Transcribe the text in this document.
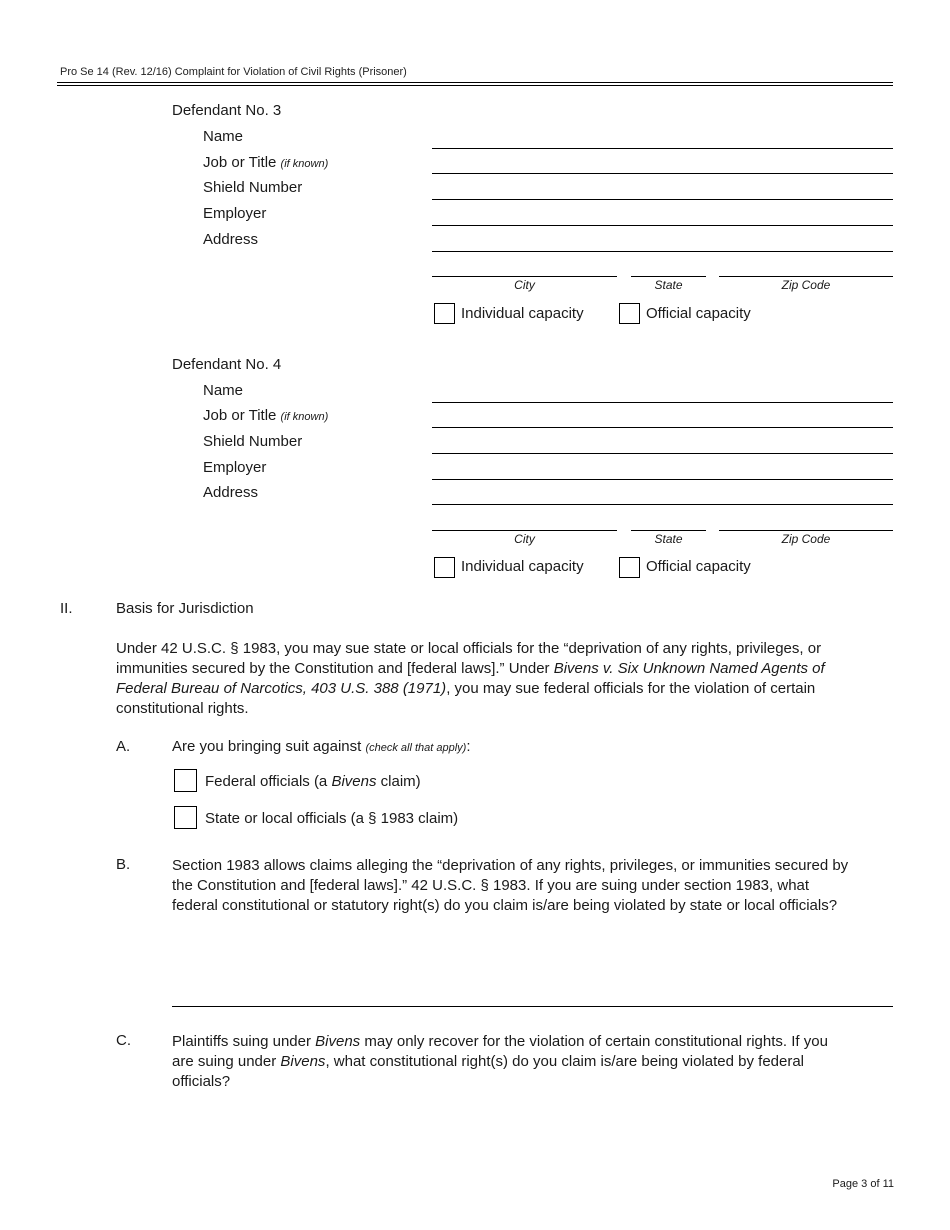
Pro Se 14 (Rev. 12/16) Complaint for Violation of Civil Rights (Prisoner)
Defendant No. 3
Name
Job or Title (if known)
Shield Number
Employer
Address
City	State	Zip Code
Individual capacity	Official capacity
Defendant No. 4
Name
Job or Title (if known)
Shield Number
Employer
Address
City	State	Zip Code
Individual capacity	Official capacity
II.	Basis for Jurisdiction
Under 42 U.S.C. § 1983, you may sue state or local officials for the “deprivation of any rights, privileges, or
immunities secured by the Constitution and [federal laws].” Under Bivens v. Six Unknown Named Agents of
Federal Bureau of Narcotics, 403 U.S. 388 (1971), you may sue federal officials for the violation of certain
constitutional rights.
A.	Are you bringing suit against (check all that apply):
Federal officials (a Bivens claim)
State or local officials (a § 1983 claim)
B.	Section 1983 allows claims alleging the “deprivation of any rights, privileges, or immunities secured by
the Constitution and [federal laws].” 42 U.S.C. § 1983. If you are suing under section 1983, what
federal constitutional or statutory right(s) do you claim is/are being violated by state or local officials?
C.	Plaintiffs suing under Bivens may only recover for the violation of certain constitutional rights. If you
are suing under Bivens, what constitutional right(s) do you claim is/are being violated by federal
officials?
Page 3 of 11
